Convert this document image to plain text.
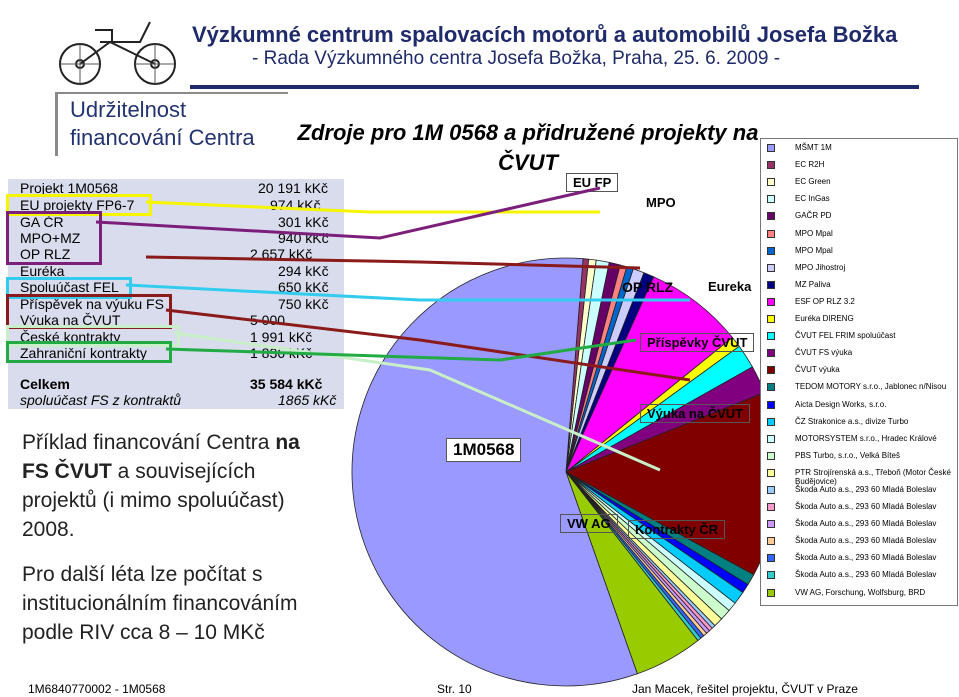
Výzkumné centrum spalovacích motorů a automobilů Josefa Božka
- Rada Výzkumného centra Josefa Božka, Praha, 25. 6. 2009 -
Udržitelnost financování Centra	Zdroje pro 1M 0568 a přidružené projekty na ČVUT
1M0568
EU FP
MPO
OP RLZ	Eureka
Příspěvky ČVUT
Výuka na ČVUT
Kontrakty ČR
VW AG
MŠMT 1M
EC R2H
EC Green
EC InGas
GAČR PD
MPO Mpal
MPO Mpal
MPO Jihostroj
MZ Paliva
ESF OP RLZ 3.2
Euréka DIRENG
ČVUT FEL FRIM spoluúčast
ČVUT FS výuka
ČVUT výuka
TEDOM MOTORY s.r.o., Jablonec n/Nisou
Aicta Design Works, s.r.o.
ČZ Strakonice a.s., divize Turbo
MOTORSYSTEM s.r.o., Hradec Králové
PBS Turbo, s.r.o., Velká Bíteš
PTR Strojírenská a.s., Třeboň (Motor České Budějovice)
Škoda Auto a.s., 293 60 Mladá Boleslav
Škoda Auto a.s., 293 60 Mladá Boleslav
Škoda Auto a.s., 293 60 Mladá Boleslav
Škoda Auto a.s., 293 60 Mladá Boleslav
Škoda Auto a.s., 293 60 Mladá Boleslav
Škoda Auto a.s., 293 60 Mladá Boleslav
VW AG, Forschung, Wolfsburg, BRD
Projekt 1M0568	20 191 kKč
EU projekty FP6-7	974 kKč
GA ČR	301 kKč
MPO+MZ	940 kKč
OP RLZ	2 657 kKč
Euréka	294 kKč
Spoluúčast FEL	650 kKč
Příspěvek na výuku FS	750 kKč
Výuka na ČVUT	5 000
České kontrakty	1 991 kKč
Zahraniční kontrakty	1 836 kKč
Celkem	35 584 kKč
spoluúčast FS z kontraktů	1865 kKč
Příklad financování Centra na FS ČVUT a souvisejících projektů (i mimo spoluúčast) 2008.
Pro další léta lze počítat s institucionálním financováním podle RIV cca 8 – 10 MKč
1M6840770002 - 1M0568	Str. 10	Jan Macek, řešitel projektu, ČVUT v Praze
